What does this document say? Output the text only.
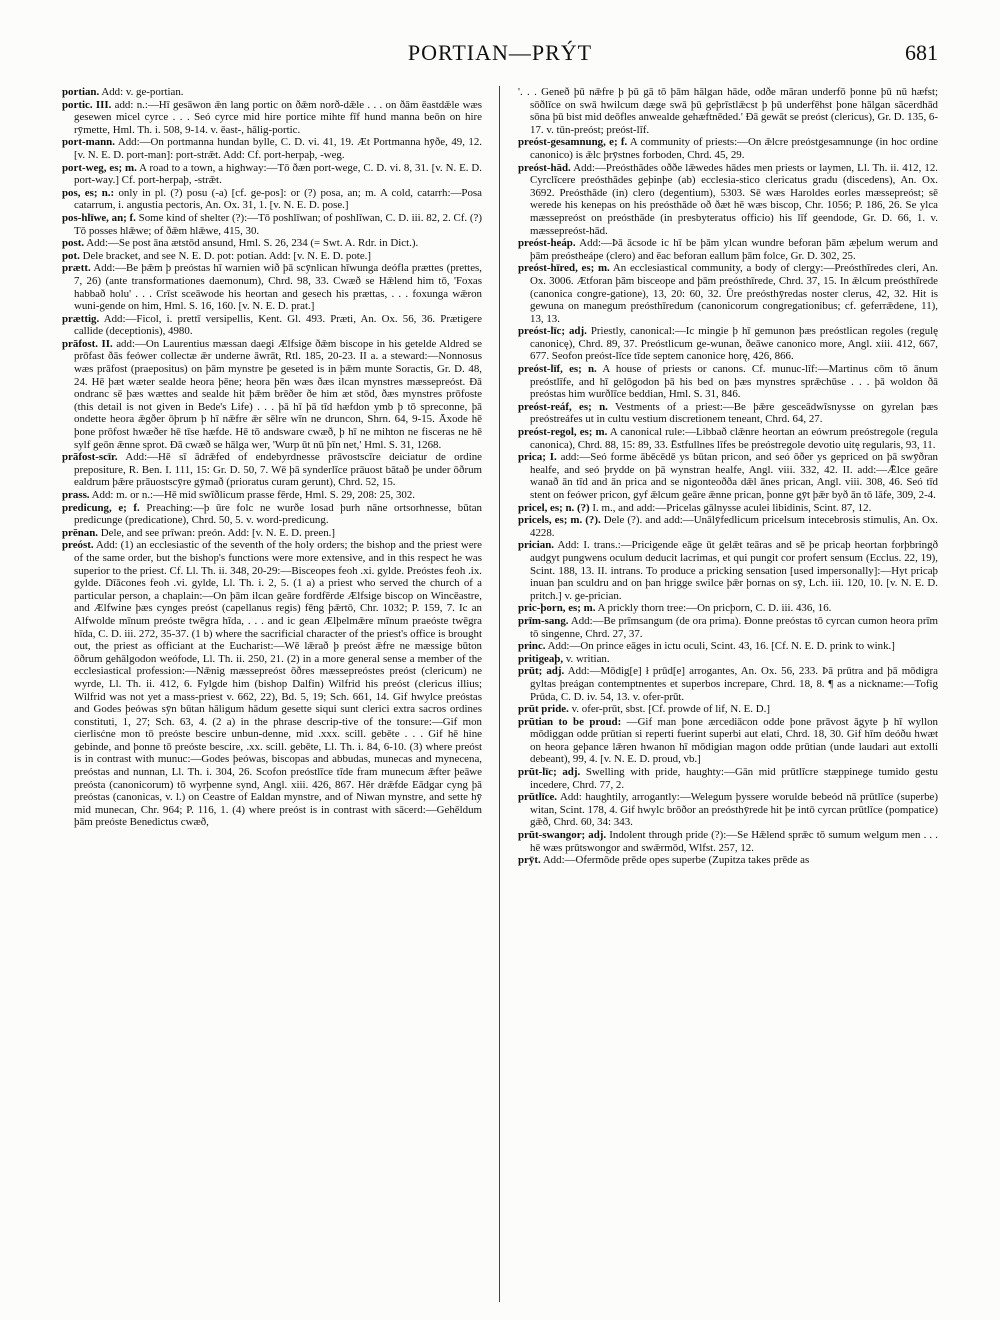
PORTIAN—PRÝT	681

portian. Add: v. ge-portian.

portic. III. add: n.:—Hī gesāwon ǣn lang portic on ðǣm norð-dǣle . . . on ðām ēastdǣle wæs gesewen micel cyrce . . . Seó cyrce mid hire portice mihte fīf hund manna beōn on hire rȳmette, Hml. Th. i. 508, 9-14. v. ēast-, hālig-portic.

port-mann. Add:—On portmanna hundan bylle, C. D. vi. 41, 19. Æt Portmanna hȳðe, 49, 12. [v. N. E. D. port-man]: port-strǣt. Add: Cf. port-herpaþ, -weg.

port-weg, es; m. A road to a town, a highway:—Tō ðæn port-wege, C. D. vi. 8, 31. [v. N. E. D. port-way.] Cf. port-herpaþ, -strǣt.

pos, es; n.: only in pl. (?) posu (-a) [cf. ge-pos]: or (?) posa, an; m. A cold, catarrh:—Posa catarrum, i. angustia pectoris, An. Ox. 31, 1. [v. N. E. D. pose.]

pos-hlīwe, an; f. Some kind of shelter (?):—Tō poshlīwan; of poshlīwan, C. D. iii. 82, 2. Cf. (?) Tō posses hlǣwe; of ðǣm hlǣwe, 415, 30.

post. Add:—Se post āna ætstōd ansund, Hml. S. 26, 234 (= Swt. A. Rdr. in Dict.).

pot. Dele bracket, and see N. E. D. pot: potian. Add: [v. N. E. D. pote.]

prætt. Add:—Be þǣm þ preóstas hī warnien wið þā scȳnlican hīwunga deófla prættes (prettes, 7, 26) (ante transformationes daemonum), Chrd. 98, 33. Cwæð se Hǣlend him tō, 'Foxas habbað holu' . . . Crīst sceāwode his heortan and gesech his prættas, . . . foxunga wǣron wuni-gende on him, Hml. S. 16, 160. [v. N. E. D. prat.]

prættig. Add:—Ficol, i. prettī versipellis, Kent. Gl. 493. Præti, An. Ox. 56, 36. Prætigere callide (deceptionis), 4980.

prāfost. II. add:—On Laurentius mæssan daegi Ælfsige ðǣm biscope in his getelde Aldred se prōfast ðās feówer collectæ ǣr underne āwrāt, Rtl. 185, 20-23. II a. a steward:—Nonnosus wæs prāfost (praepositus) on þām mynstre þe geseted is in þǣm munte Soractis, Gr. D. 48, 24. Hē þæt wæter sealde heora þēne; heora þēn wæs ðæs ilcan mynstres mæssepreóst. Ðā ondranc sē þæs wættes and sealde hit þǣm brēðer ðe him æt stōd, ðæs mynstres prōfoste (this detail is not given in Bede's Life) . . . þā hī þā tīd hæfdon ymb þ tō spreconne, þā ondette heora ǣgðer ōþrum þ hī nǣfre ǣr sēlre wīn ne druncon, Shrn. 64, 9-15. Āxode hē þone prōfost hwæðer hē tīse hæfde. Hē tō andsware cwæð, þ hī ne mihton ne fisceras ne hē sylf geōn ǣnne sprot. Ðā cwæð se hālga wer, 'Wurp ūt nū þīn net,' Hml. S. 31, 1268.

prāfost-scīr. Add:—Hē sī ādrǣfed of endebyrdnesse prāvostscīre deiciatur de ordine prepositure, R. Ben. I. 111, 15: Gr. D. 50, 7. Wē þā synderlīce prāuost bātað þe under ōðrum ealdrum þǣre prāuostscȳre gȳmað (prioratus curam gerunt), Chrd. 52, 15.

prass. Add: m. or n.:—Hē mid swīðlicum prasse fērde, Hml. S. 29, 208: 25, 302.

predicung, e; f. Preaching:—þ ūre folc ne wurðe losad þurh nāne ortsorhnesse, būtan predicunge (predicatione), Chrd. 50, 5. v. word-predicung.

prēnan. Dele, and see prīwan: preón. Add: [v. N. E. D. preen.]

preóst. Add: (1) an ecclesiastic of the seventh of the holy orders; the bishop and the priest were of the same order, but the bishop's functions were more extensive, and in this respect he was superior to the priest. Cf. Ll. Th. ii. 348, 20-29:—Bisceopes feoh .xi. gylde. Preóstes feoh .ix. gylde. Dīācones feoh .vi. gylde, Ll. Th. i. 2, 5. (1 a) a priest who served the church of a particular person, a chaplain:—On þām ilcan geāre fordfērde Ælfsige biscop on Wincēastre, and Ælfwine þæs cynges preóst (capellanus regis) fēng þǣrtō, Chr. 1032; P. 159, 7. Ic an Alfwolde mīnum preóste twēgra hīda, . . . and ic gean Ælþelmǣre mīnum praeóste twēgra hīda, C. D. iii. 272, 35-37. (1 b) where the sacrificial character of the priest's office is brought out, the priest as officiant at the Eucharist:—Wē lǣrað þ preóst ǣfre ne mæssige būton ōðrum gehālgodon weófode, Ll. Th. ii. 250, 21. (2) in a more general sense a member of the ecclesiastical profession:—Nǣnig mæssepreóst ōðres mæssepreóstes preóst (clericum) ne wyrde, Ll. Th. ii. 412, 6. Fylgde him (bishop Dalfin) Wilfrid his preóst (clericus illius; Wilfrid was not yet a mass-priest v. 662, 22), Bd. 5, 19; Sch. 661, 14. Gif hwylce preóstas and Godes þeówas sȳn būtan hāligum hādum gesette siqui sunt clerici extra sacros ordines constituti, 1, 27; Sch. 63, 4. (2 a) in the phrase descrip-tive of the tonsure:—Gif mon cierlisćne mon tō preóste bescire unbun-denne, mid .xxx. scill. gebēte . . . Gif hē hine gebinde, and þonne tō preóste bescire, .xx. scill. gebēte, Ll. Th. i. 84, 6-10. (3) where preóst is in contrast with munuc:—Godes þeówas, biscopas and abbudas, munecas and mynecena, preóstas and nunnan, Ll. Th. i. 304, 26. Scofon preóstlīce tīde fram munecum ǣfter þeāwe preósta (canonicorum) tō wyrþenne synd, Angl. xiii. 426, 867. Hēr drǣfde Eādgar cyng þā preóstas (canonicas, v. l.) on Ceastre of Ealdan mynstre, and of Niwan mynstre, and sette hȳ mid munecan, Chr. 964; P. 116, 1. (4) where preóst is in contrast with sācerd:—Gehēldum þām preóste Benedictus cwæð,

'. . . Geneð þū nǣfre þ þū gā tō þām hālgan hāde, odðe māran underfō þonne þū nū hæfst; sōðlīce on swā hwilcum dæge swā þū geþrīstlǣcst þ þū underfēhst þone hālgan sācerdhād sōna þū bist mid deōfles anwealde gehæftnēded.' Ðā gewāt se preóst (clericus), Gr. D. 135, 6-17. v. tūn-preóst; preóst-līf.

preóst-gesamnung, e; f. A community of priests:—On ǣlcre preóstgesamnunge (in hoc ordine canonico) is ǣlc þrȳstnes forboden, Chrd. 45, 29.

preóst-hād. Add:—Preósthādes oððe lǣwedes hādes men priests or laymen, Ll. Th. ii. 412, 12. Cyrclīcere preósthādes geþinþe (ab) ecclesia-stico clericatus gradu (discedens), An. Ox. 3692. Preósthāde (in) clero (degentium), 5303. Sē wæs Haroldes eorles mæssepreóst; sē werede his kenepas on his preósthāde oð ðæt hē wæs biscop, Chr. 1056; P. 186, 26. Se ylca mæssepreóst on preósthāde (in presbyteratus officio) his līf geendode, Gr. D. 66, 1. v. mæssepreóst-hād.

preóst-heáp. Add:—Þā ācsode ic hī be þām ylcan wundre beforan þām æþelum werum and þām preóstheápe (clero) and ēac beforan eallum þām folce, Gr. D. 302, 25.

preóst-hīred, es; m. An ecclesiastical community, a body of clergy:—Preósthīredes cleri, An. Ox. 3006. Ætforan þām bisceope and þām preósthīrede, Chrd. 37, 15. In ǣlcum preósthīrede (canonica congre-gatione), 13, 20: 60, 32. Ūre preósthȳredas noster clerus, 42, 32. Hit is gewuna on manegum preósthīredum (canonicorum congregationibus; cf. geferrǣdene, 11), 13, 13.

preóst-līc; adj. Priestly, canonical:—Ic mingie þ hī gemunon þæs preóstlican regoles (regulę canonicę), Chrd. 89, 37. Preóstlicum ge-wunan, ðeāwe canonico more, Angl. xiii. 412, 667, 677. Seofon preóst-līce tīde septem canonice horę, 426, 866.

preóst-līf, es; n. A house of priests or canons. Cf. munuc-līf:—Martinus cōm tō ānum preóstlīfe, and hī gelōgodon þā his bed on þæs mynstres sprǣchūse . . . þā woldon ðā preóstas him wurðlīce beddian, Hml. S. 31, 846.

preóst-reáf, es; n. Vestments of a priest:—Be þǣre gesceādwīsnysse on gyrelan þæs preóstreáfes ut in cultu vestium discretionem teneant, Chrd. 64, 27.

preóst-regol, es; m. A canonical rule:—Libbað clǣnre heortan an eówrum preóstregole (regula canonica), Chrd. 88, 15: 89, 33. Ēstfullnes līfes be preóstregole devotio uitę regularis, 93, 11.

prica; I. add:—Seó forme ābēcēdē ys būtan pricon, and seó ōðer ys gepriced on þā swȳðran healfe, and seó þrydde on þā wynstran healfe, Angl. viii. 332, 42. II. add:—Ǣlce geāre wanað ān tīd and ān prica and se nigonteoðða dǣl ānes prican, Angl. viii. 308, 46. Seó tīd stent on feówer pricon, gyf ǣlcum geāre ǣnne prican, þonne gȳt þǣr byð ān tō lāfe, 309, 2-4.

pricel, es; n. (?) I. m., and add:—Pricelas gālnysse aculei libidinis, Scint. 87, 12.

pricels, es; m. (?). Dele (?). and add:—Unālȳfedlicum pricelsum intecebrosis stimulis, An. Ox. 4228.

prician. Add: I. trans.:—Pricigende eāge ūt gelǣt teāras and sē þe pricaþ heortan forþbringð audgyt pungwens oculum deducit lacrimas, et qui pungit cor profert sensum (Ecclus. 22, 19), Scint. 188, 13. II. intrans. To produce a pricking sensation [used impersonally]:—Hyt pricaþ inuan þan sculdru and on þan hrigge swilce þǣr þornas on sȳ, Lch. iii. 120, 10. [v. N. E. D. pritch.] v. ge-prician.

pric-þorn, es; m. A prickly thorn tree:—On pricþorn, C. D. iii. 436, 16.

prīm-sang. Add:—Be prīmsangum (de ora prima). Ðonne preóstas tō cyrcan cumon heora prīm tō singenne, Chrd. 27, 37.

princ. Add:—On prince eāges in ictu oculi, Scint. 43, 16. [Cf. N. E. D. prink to wink.]

pritigeaþ, v. writian.

prūt; adj. Add:—Mōdig[e] ł prūd[e] arrogantes, An. Ox. 56, 233. Þā prūtra and þā mōdigra gyltas þreágan contemptnentes et superbos increpare, Chrd. 18, 8. ¶ as a nickname:—Tofig Prūda, C. D. iv. 54, 13. v. ofer-prūt.

prūt pride. v. ofer-prūt, sbst. [Cf. prowde of lif, N. E. D.]

prūtian to be proud: —Gif man þone ærcediācon odde þone prāvost āgyte þ hī wyllon mōdiggan odde prūtian si reperti fuerint superbi aut elati, Chrd. 18, 30. Gif hīm deóðu hwæt on heora geþance lǣren hwanon hī mōdigian magon odde prūtian (unde laudari aut extolli debeant), 99, 4. [v. N. E. D. proud, vb.]

prūt-līc; adj. Swelling with pride, haughty:—Gān mid prūtlīcre stæppinege tumido gestu incedere, Chrd. 77, 2.

prūtlīce. Add: haughtily, arrogantly:—Welegum þyssere worulde bebeód nā prūtlīce (superbe) witan, Scint. 178, 4. Gif hwylc brōðor an preósthȳrede hit þe intō cyrcan prūtlīce (pompatice) gǣð, Chrd. 60, 34: 343.

prūt-swangor; adj. Indolent through pride (?):—Se Hǣlend sprǣc tō sumum welgum men . . . hē wæs prūtswongor and swǣrmōd, Wlfst. 257, 12.

prȳt. Add:—Ofermōde prēde opes superbe (Zupitza takes prēde as
